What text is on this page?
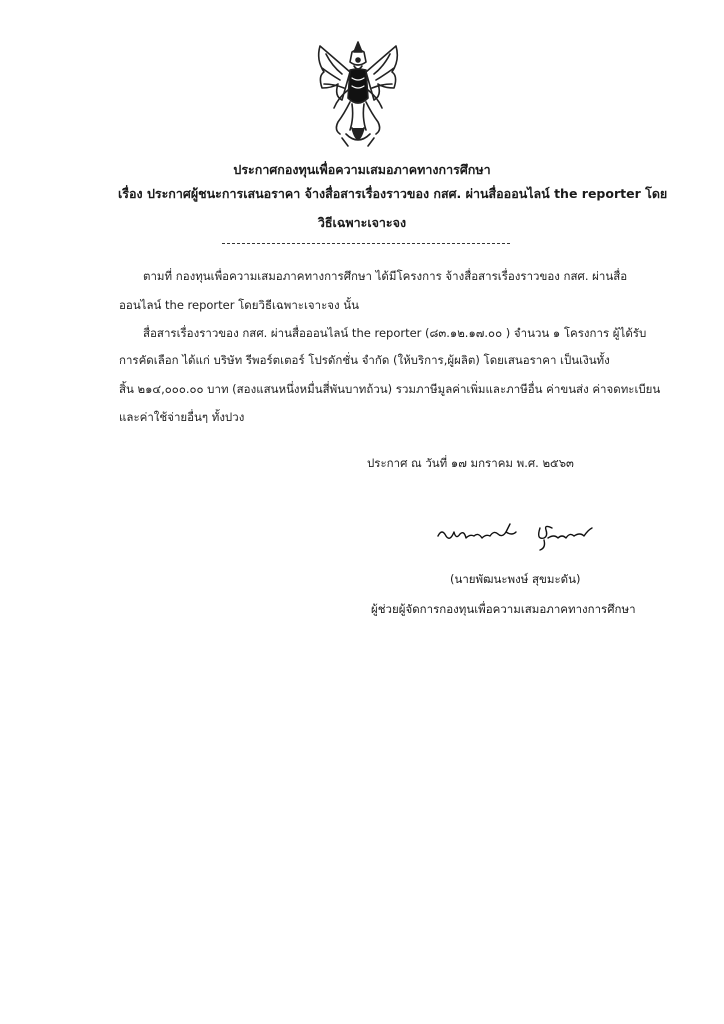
ประกาศกองทุนเพื่อความเสมอภาคทางการศึกษา
เรื่อง ประกาศผู้ชนะการเสนอราคา จ้างสื่อสารเรื่องราวของ กสศ. ผ่านสื่อออนไลน์ the reporter โดย
วิธีเฉพาะเจาะจง
ตามที่ กองทุนเพื่อความเสมอภาคทางการศึกษา ได้มีโครงการ จ้างสื่อสารเรื่องราวของ กสศ. ผ่านสื่อ
ออนไลน์ the reporter โดยวิธีเฉพาะเจาะจง นั้น
สื่อสารเรื่องราวของ กสศ. ผ่านสื่อออนไลน์ the reporter (๘๓.๑๒.๑๗.๐๐ ) จำนวน ๑ โครงการ ผู้ได้รับ
การคัดเลือก ได้แก่ บริษัท รีพอร์ตเตอร์ โปรดักชั่น จำกัด (ให้บริการ,ผู้ผลิต) โดยเสนอราคา เป็นเงินทั้ง
สิ้น ๒๑๔,๐๐๐.๐๐ บาท (สองแสนหนึ่งหมื่นสี่พันบาทถ้วน) รวมภาษีมูลค่าเพิ่มและภาษีอื่น ค่าขนส่ง ค่าจดทะเบียน
และค่าใช้จ่ายอื่นๆ ทั้งปวง
ประกาศ ณ วันที่ ๑๗ มกราคม พ.ศ. ๒๕๖๓
(นายพัฒนะพงษ์ สุขมะดัน)
ผู้ช่วยผู้จัดการกองทุนเพื่อความเสมอภาคทางการศึกษา
